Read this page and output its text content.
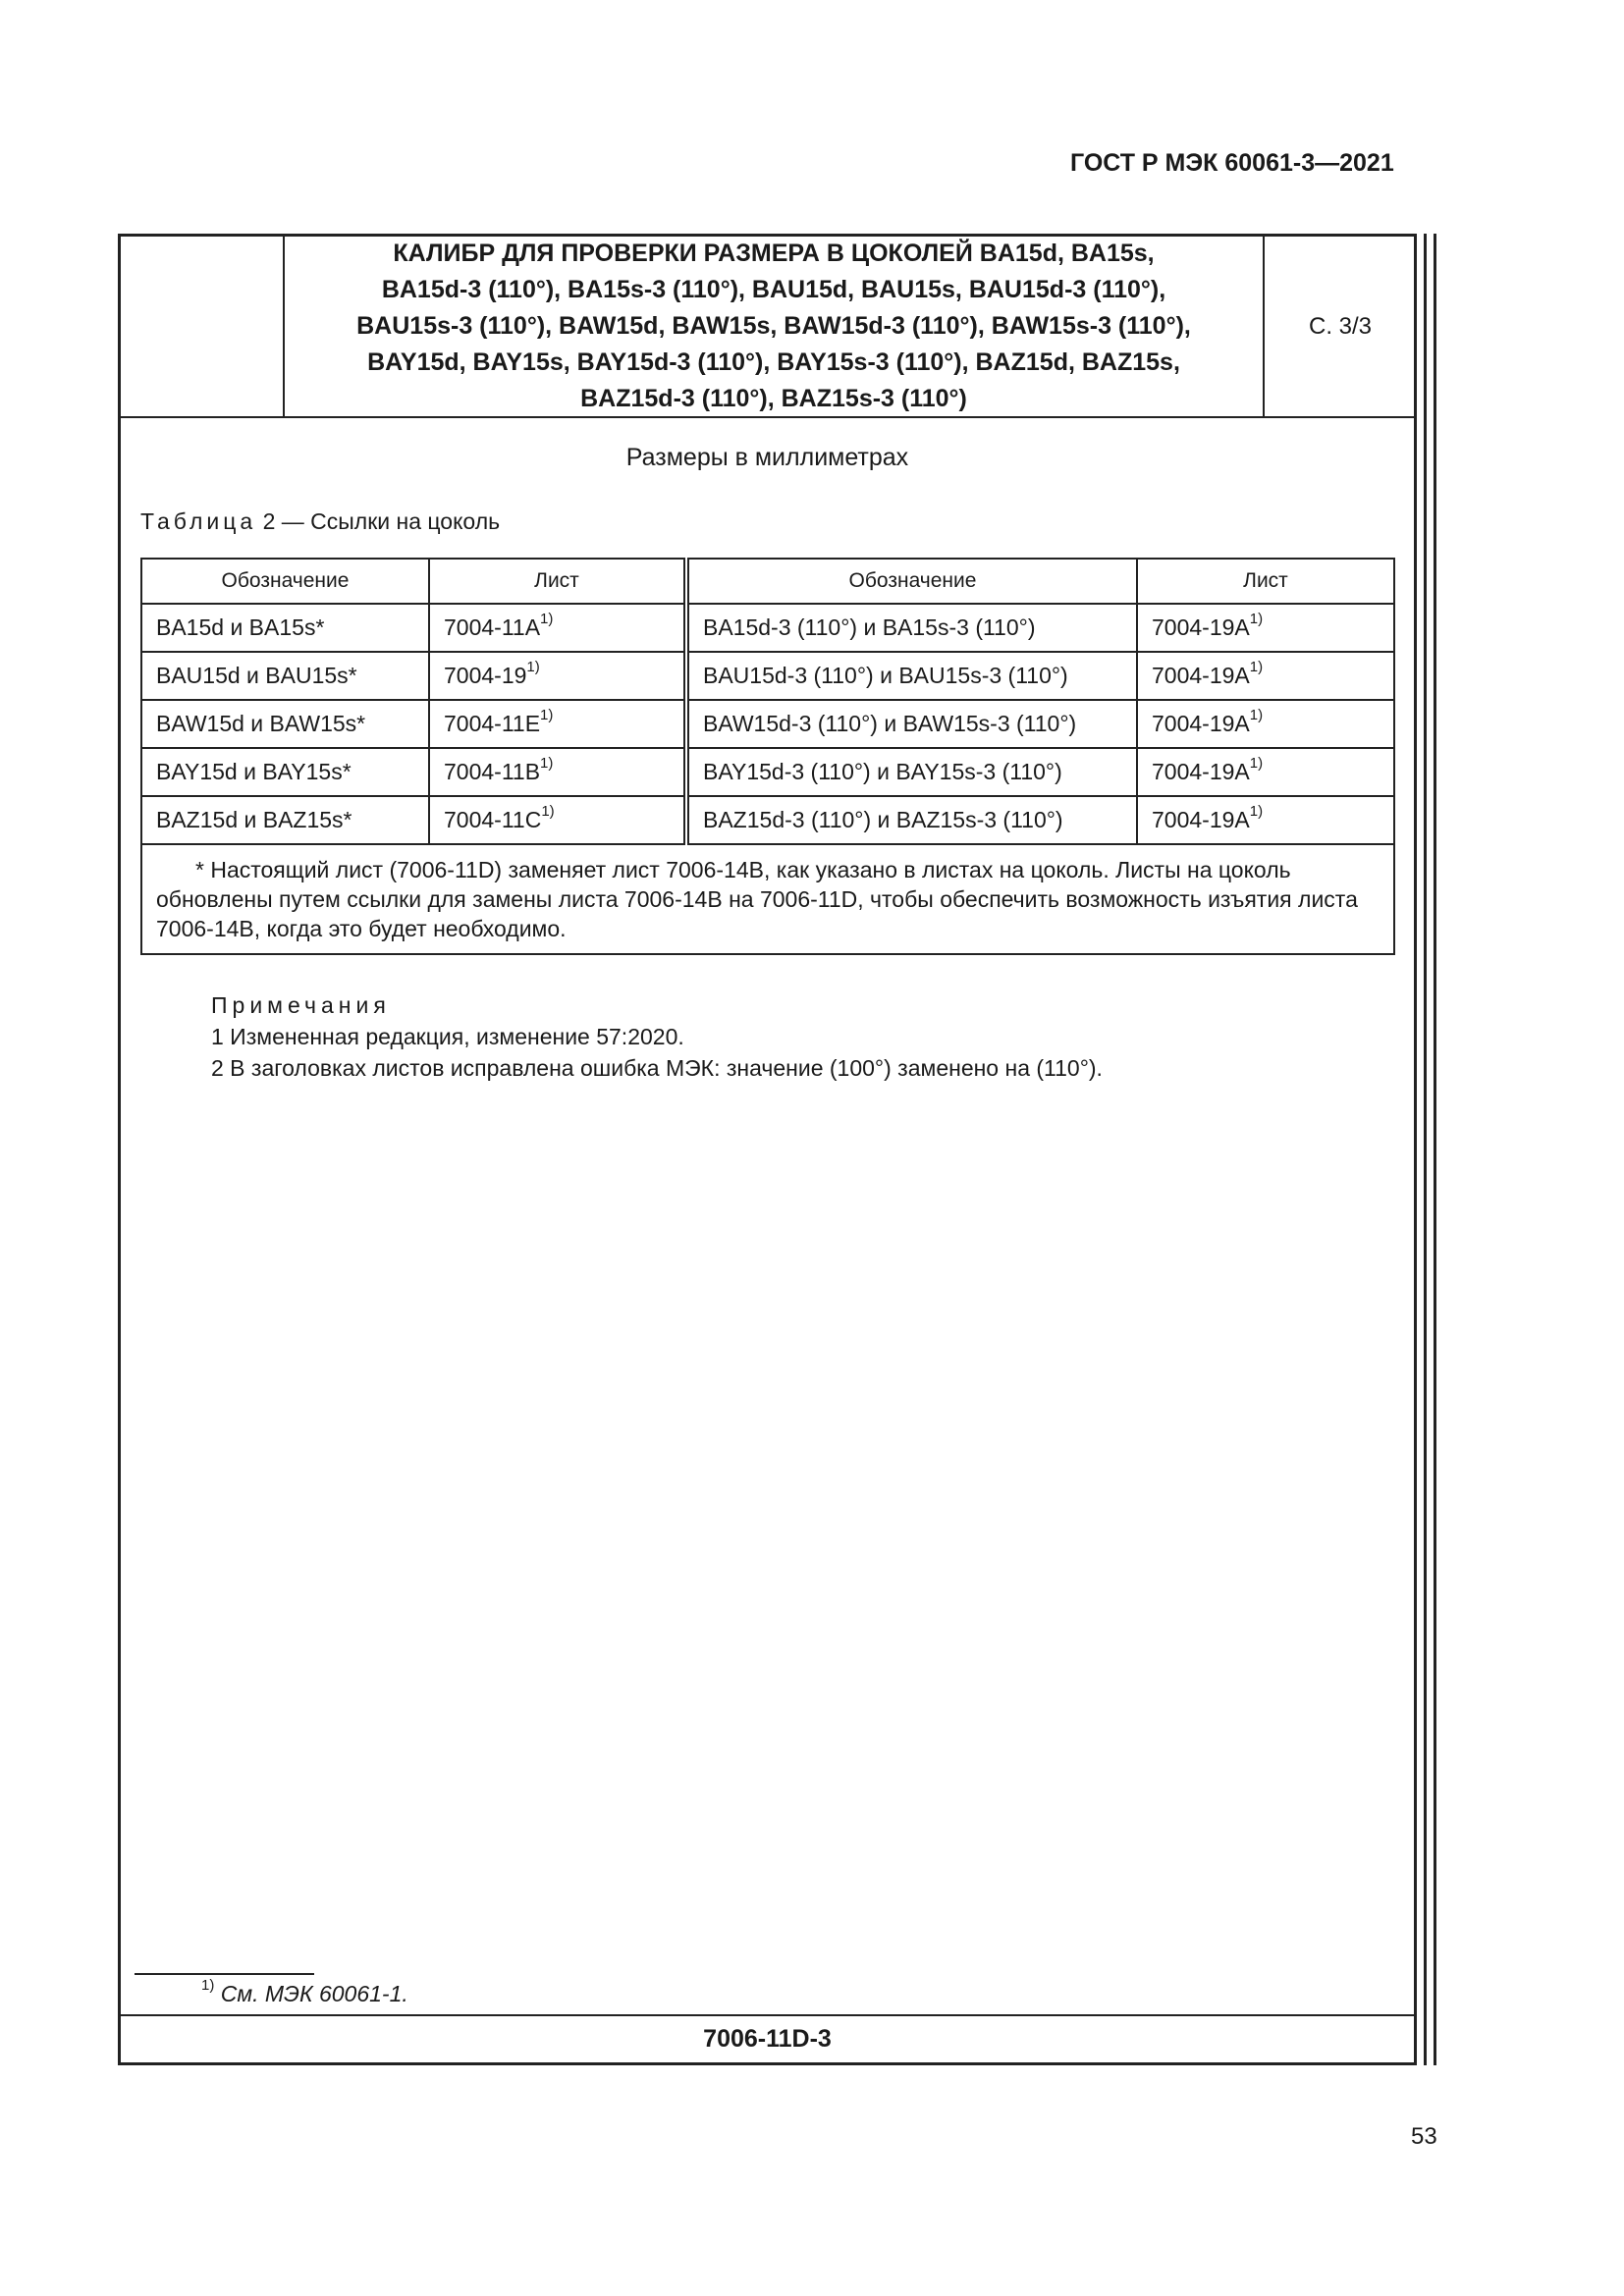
ГОСТ Р МЭК 60061-3—2021
КАЛИБР ДЛЯ ПРОВЕРКИ РАЗМЕРА B ЦОКОЛЕЙ BA15d, BA15s,
BA15d-3 (110°), BA15s-3 (110°), BAU15d, BAU15s, BAU15d-3 (110°),
BAU15s-3 (110°), BAW15d, BAW15s, BAW15d-3 (110°), BAW15s-3 (110°),
BAY15d, BAY15s, BAY15d-3 (110°), BAY15s-3 (110°), BAZ15d, BAZ15s,
BAZ15d-3 (110°), BAZ15s-3 (110°)
С. 3/3
Размеры в миллиметрах
Таблица 2 — Ссылки на цоколь
Обозначение	Лист	Обозначение	Лист
BA15d и BA15s*	$7004-11A^{1)}$	BA15d-3 (110°) и BA15s-3 (110°)	$7004-19A^{1)}$
BAU15d и BAU15s*	7004-19$^{1)}$	BAU15d-3 (110°) и BAU15s-3 (110°)	$7004-19A^{1)}$
BAW15d и BAW15s*	$7004-11E^{1)}$	BAW15d-3 (110°) и BAW15s-3 (110°)	$7004-19A^{1)}$
BAY15d и BAY15s*	$7004-11B^{1)}$	BAY15d-3 (110°) и BAY15s-3 (110°)	$7004-19A^{1)}$
BAZ15d и BAZ15s*	$7004-11C^{1)}$	BAZ15d-3 (110°) и BAZ15s-3 (110°)	$7004-19A^{1)}$
* Настоящий лист (7006-11D) заменяет лист 7006-14B, как указано в листах на цоколь. Листы на цоколь обновлены путем ссылки для замены листа 7006-14B на 7006-11D, чтобы обеспечить возможность изъятия листа 7006-14B, когда это будет необходимо.			
Примечания
1 Измененная редакция, изменение 57:2020.
2 В заголовках листов исправлена ошибка МЭК: значение (100°) заменено на (110°).
$^{1)}$ См. МЭК 60061-1.
7006-11D-3
53
